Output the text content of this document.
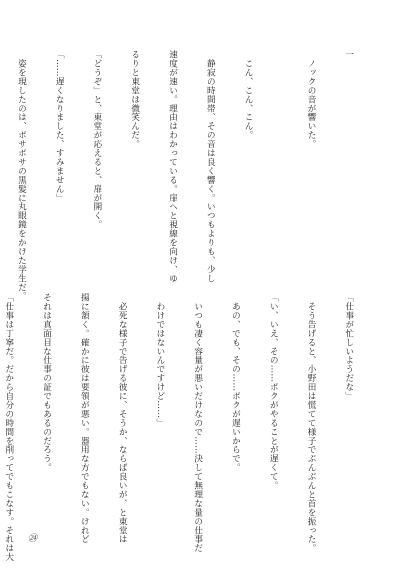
一

　ノックの音が響いた。

　こん、こん、こん。

　静寂の時間帯、その音は良く響く。いつもよりも、少し

速度が速い。理由はわかっている。扉へと視線を向け、ゆ

るりと東堂は微笑んだ。

「どうぞ」と、東堂が応えると、扉が開く。

「……遅くなりました、すみません」

　姿を現したのは、ボサボサの黒髪に丸眼鏡をかけた学生だ。

「仕事が忙しいようだな」

　そう告げると、小野田は慌てて様子でぶんぶんと首を振った。

「い、いえ、その……ボクがやることが遅くて。

　あの、でも、その……ボクが遅いからで。

　いつも凄く容量が悪いだけなので……決して無理な量の仕事だ

　わけではないんですけど……」

　必死な様子で告げる彼に、そうか、ならば良いが、と東堂は

揚に頷く。確かに彼は要領が悪い。器用な方でもない。けれど

それは真面目な仕事の証でもあるのだろう。

「仕事は丁寧だ。だから自分の時間を削ってでもこなす。それは大

㉔
